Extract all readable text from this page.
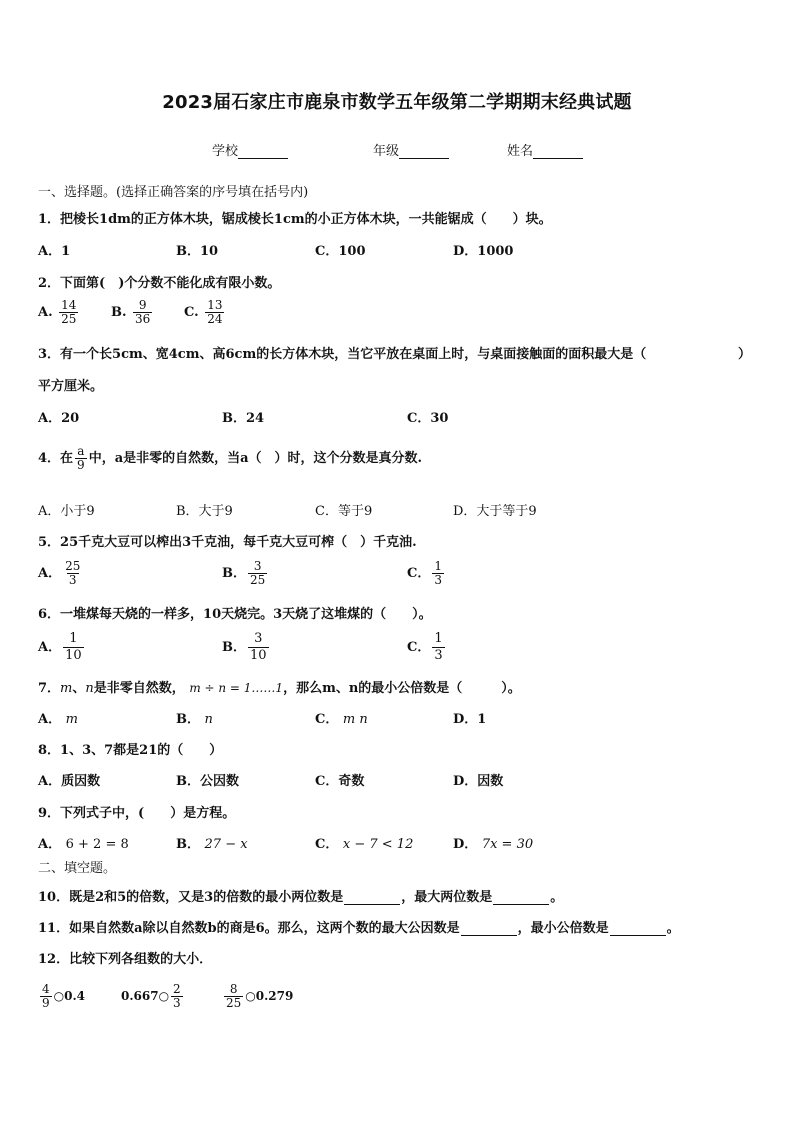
2023届石家庄市鹿泉市数学五年级第二学期期末经典试题
学校	年级	姓名
一、选择题。(选择正确答案的序号填在括号内)
1．把棱长1dm的正方体木块，锯成棱长1cm的小正方体木块，一共能锯成（　　）块。
A．1	B．10	C．100	D．1000
2．下面第(　)个分数不能化成有限小数。
A. $\frac{14}{25}$	B. $\frac{9}{36} C$. $\frac{13}{24}$
3．有一个长5cm、宽4cm、高6cm的长方体木块，当它平放在桌面上时，与桌面接触面的面积最大是（	）
平方厘米。
A．20	B．24	C．30
4．在 $\frac{a}{9}$ 中，a是非零的自然数，当a（　）时，这个分数是真分数.
A．小于9	B．大于9	C．等于9	D．大于等于9
5．25千克大豆可以榨出3千克油，每千克大豆可榨（　）千克油.
A． $\frac{25}{3}$	B． $\frac{3}{25}$	C． $\frac{1}{3}$
6．一堆煤每天烧的一样多，10天烧完。3天烧了这堆煤的（　　）。
A． $\frac{1}{10}$	B． $\frac{3}{10}$	C． $\frac{1}{3}$
7．m、n是非零自然数， m ÷ n = 1……1，那么m、n的最小公倍数是（　　　）。
A． m	B． n	C． m n	D．1
8．1、3、7都是21的（　　）
A．质因数	B．公因数	C．奇数	D．因数
9．下列式子中，(　　）是方程。
A． 6 + 2 = 8	B． 27 − x	C． x − 7 < 12	D． 7x = 30
二、填空题。
10．既是2和5的倍数，又是3的倍数的最小两位数是	，最大两位数是	。
11．如果自然数a除以自然数b的商是6。那么，这两个数的最大公因数是	，最小公倍数是	。
12．比较下列各组数的大小．
$\frac{4}{9}$ ○0.4	0.667○ $\frac{2}{3}$	$\frac{8}{25}$ ○0.279
